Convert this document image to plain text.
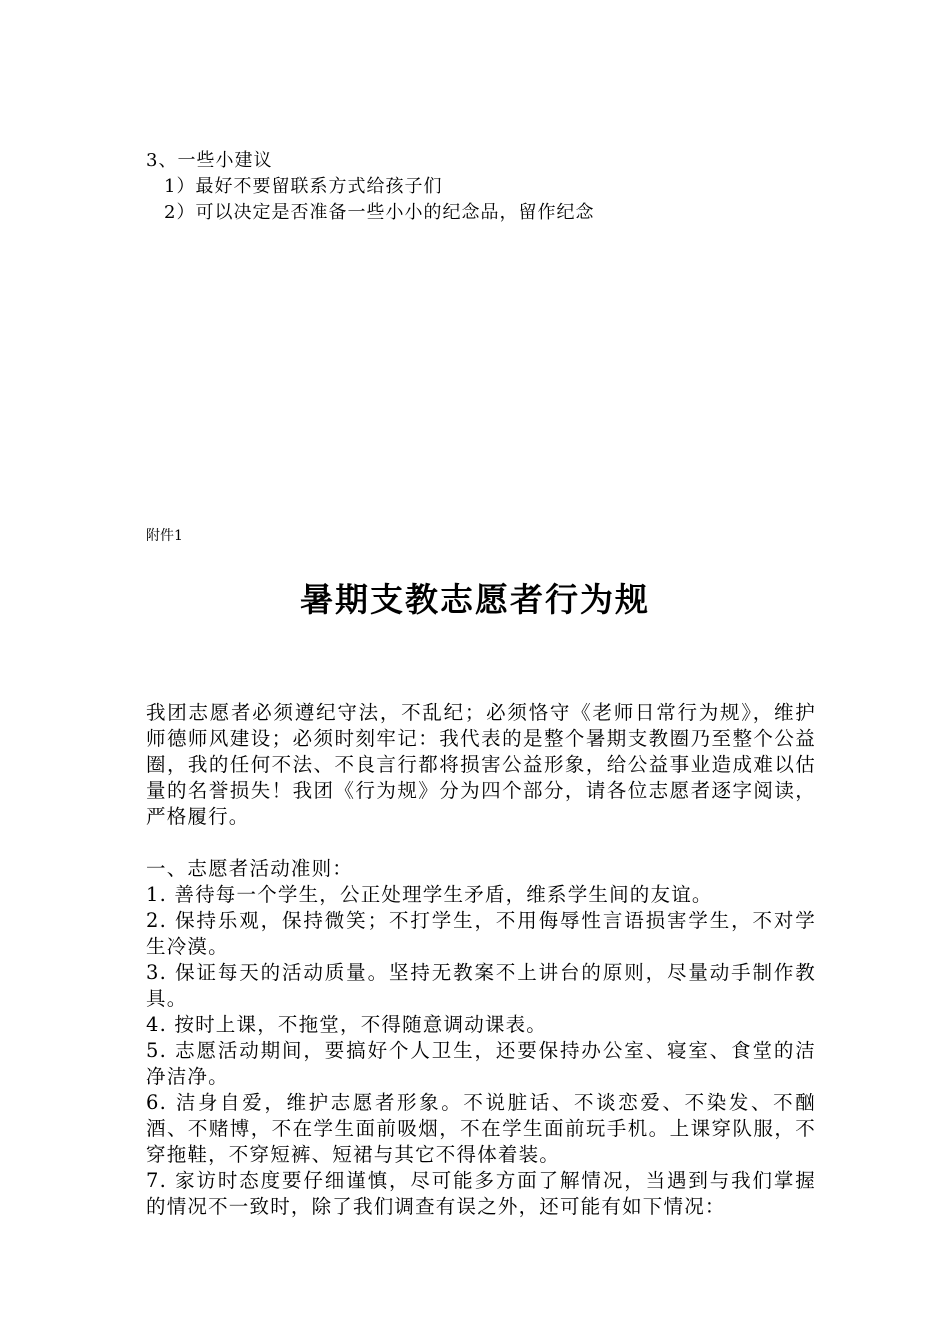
3、一些小建议
1）最好不要留联系方式给孩子们
2）可以决定是否准备一些小小的纪念品，留作纪念
附件1
暑期支教志愿者行为规

我团志愿者必须遵纪守法，不乱纪；必须恪守《老师日常行为规》，维护师德师风建设；必须时刻牢记：我代表的是整个暑期支教圈乃至整个公益圈，我的任何不法、不良言行都将损害公益形象，给公益事业造成难以估量的名誉损失！我团《行为规》分为四个部分，请各位志愿者逐字阅读，严格履行。

一、志愿者活动准则：

1. 善待每一个学生，公正处理学生矛盾，维系学生间的友谊。

2. 保持乐观，保持微笑；不打学生，不用侮辱性言语损害学生，不对学生冷漠。

3. 保证每天的活动质量。坚持无教案不上讲台的原则，尽量动手制作教具。

4. 按时上课，不拖堂，不得随意调动课表。

5. 志愿活动期间，要搞好个人卫生，还要保持办公室、寝室、食堂的洁净洁净。

6. 洁身自爱，维护志愿者形象。不说脏话、不谈恋爱、不染发、不酗酒、不赌博，不在学生面前吸烟，不在学生面前玩手机。上课穿队服，不穿拖鞋，不穿短裤、短裙与其它不得体着装。

7. 家访时态度要仔细谨慎，尽可能多方面了解情况，当遇到与我们掌握的情况不一致时，除了我们调查有误之外，还可能有如下情况：
